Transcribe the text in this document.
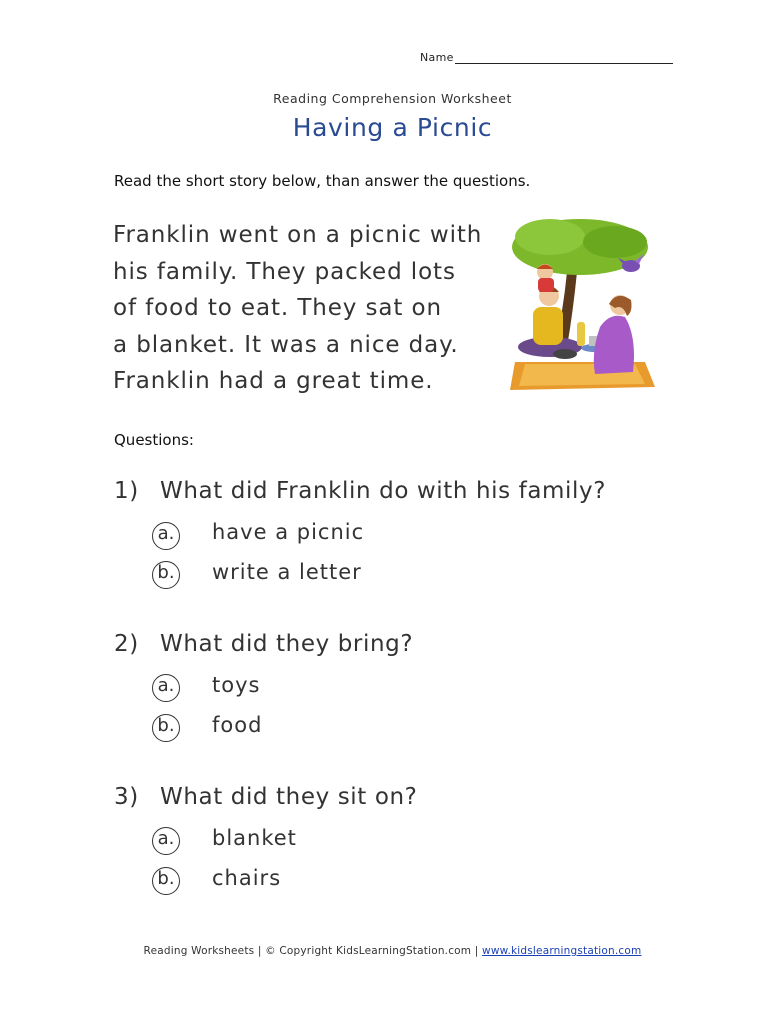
Name
Reading Comprehension Worksheet
Having a Picnic
Read the short story below, than answer the questions.
Franklin went on a picnic with
his family. They packed lots
of food to eat. They sat on
a blanket. It was a nice day.
Franklin had a great time.
Questions:
1) What did Franklin do with his family?
a. have a picnic
b. write a letter
2) What did they bring?
a. toys
b. food
3) What did they sit on?
a. blanket
b. chairs
Reading Worksheets | © Copyright KidsLearningStation.com | www.kidslearningstation.com
